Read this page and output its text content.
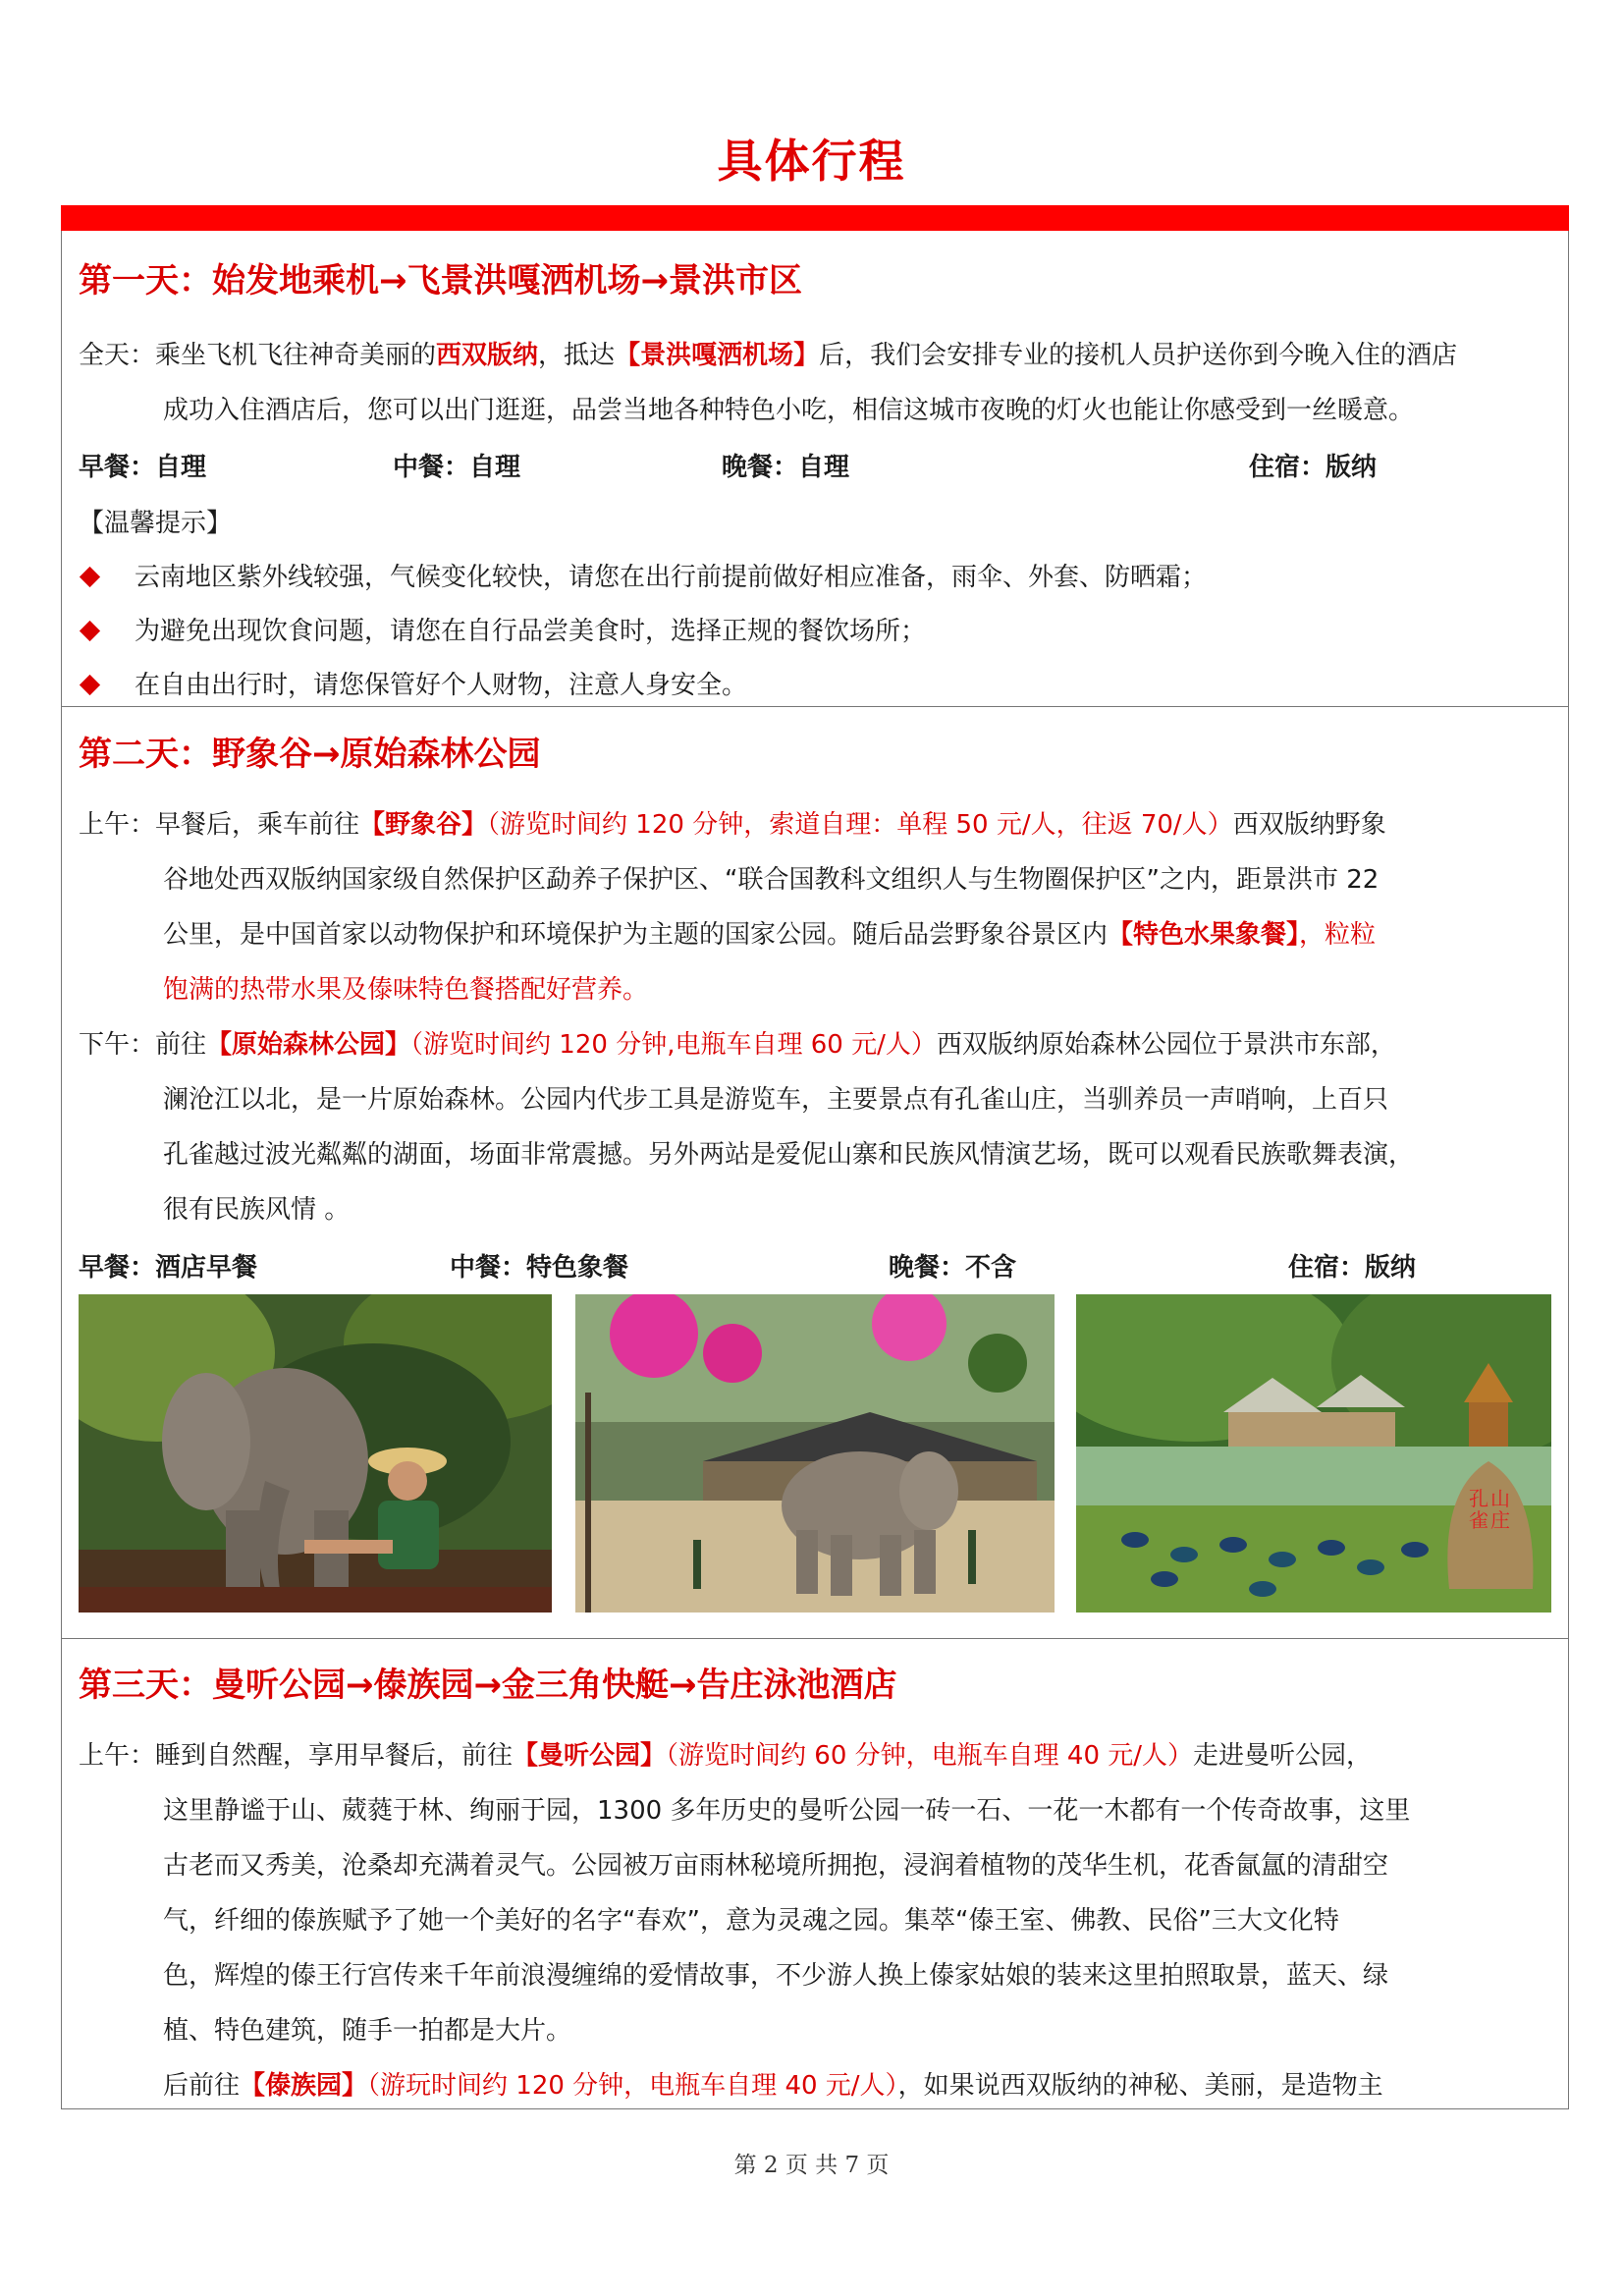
具体行程
第一天：始发地乘机→飞景洪嘎洒机场→景洪市区
全天：乘坐飞机飞往神奇美丽的西双版纳，抵达【景洪嘎洒机场】后，我们会安排专业的接机人员护送你到今晚入住的酒店
成功入住酒店后，您可以出门逛逛，品尝当地各种特色小吃，相信这城市夜晚的灯火也能让你感受到一丝暖意。
早餐：自理	中餐：自理	晚餐：自理	住宿：版纳
【温馨提示】
云南地区紫外线较强，气候变化较快，请您在出行前提前做好相应准备，雨伞、外套、防晒霜；
为避免出现饮食问题，请您在自行品尝美食时，选择正规的餐饮场所；
在自由出行时，请您保管好个人财物，注意人身安全。
第二天：野象谷→原始森林公园
上午：早餐后，乘车前往【野象谷】（游览时间约 120 分钟，索道自理：单程 50 元/人，往返 70/人）西双版纳野象
谷地处西双版纳国家级自然保护区勐养子保护区、“联合国教科文组织人与生物圈保护区”之内，距景洪市 22
公里，是中国首家以动物保护和环境保护为主题的国家公园。随后品尝野象谷景区内【特色水果象餐】，粒粒
饱满的热带水果及傣味特色餐搭配好营养。
下午：前往【原始森林公园】（游览时间约 120 分钟,电瓶车自理 60 元/人）西双版纳原始森林公园位于景洪市东部，
澜沧江以北，是一片原始森林。公园内代步工具是游览车，主要景点有孔雀山庄，当驯养员一声哨响，上百只
孔雀越过波光粼粼的湖面，场面非常震撼。另外两站是爱伲山寨和民族风情演艺场，既可以观看民族歌舞表演，
很有民族风情 。
早餐：酒店早餐	中餐：特色象餐	晚餐：不含	住宿：版纳
孔雀山庄
第三天：曼听公园→傣族园→金三角快艇→告庄泳池酒店
上午：睡到自然醒，享用早餐后，前往【曼听公园】（游览时间约 60 分钟，电瓶车自理 40 元/人）走进曼听公园，
这里静谧于山、葳蕤于林、绚丽于园，1300 多年历史的曼听公园一砖一石、一花一木都有一个传奇故事，这里
古老而又秀美，沧桑却充满着灵气。公园被万亩雨林秘境所拥抱，浸润着植物的茂华生机，花香氤氲的清甜空
气，纤细的傣族赋予了她一个美好的名字“春欢”，意为灵魂之园。集萃“傣王室、佛教、民俗”三大文化特
色，辉煌的傣王行宫传来千年前浪漫缠绵的爱情故事，不少游人换上傣家姑娘的装来这里拍照取景，蓝天、绿
植、特色建筑，随手一拍都是大片。
后前往【傣族园】（游玩时间约 120 分钟，电瓶车自理 40 元/人），如果说西双版纳的神秘、美丽，是造物主
第 2 页 共 7 页
